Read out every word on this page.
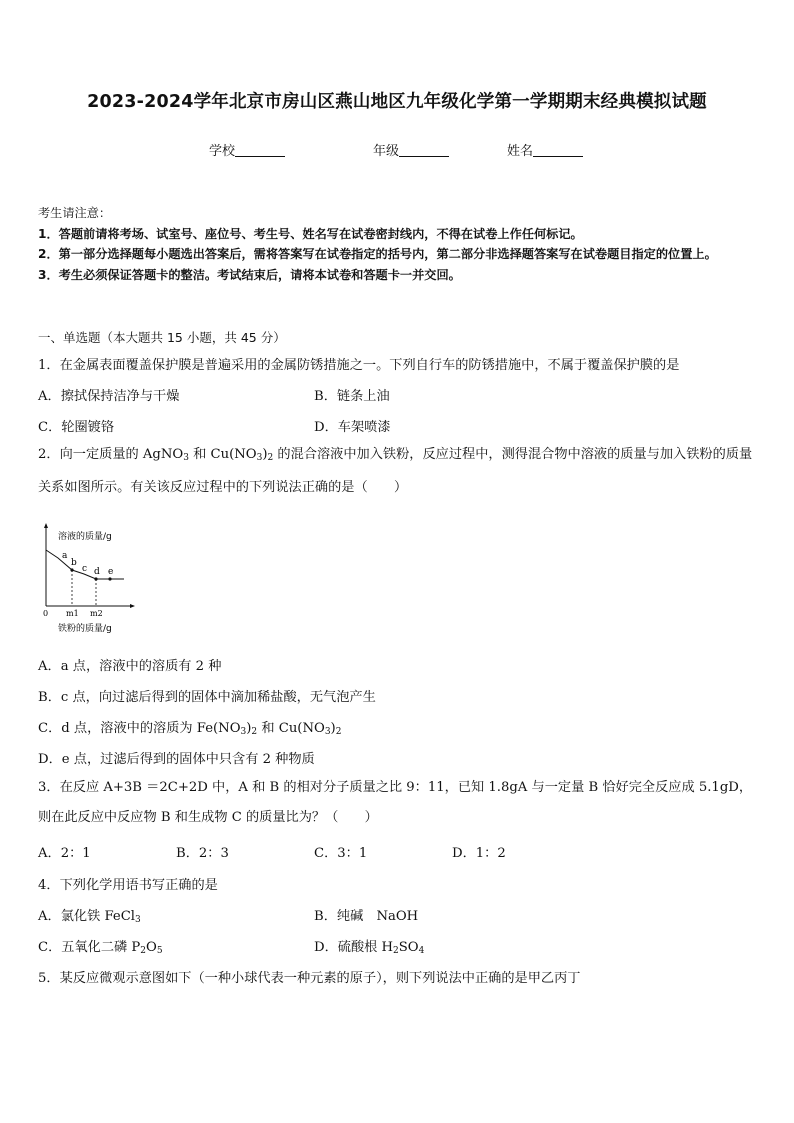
2023-2024学年北京市房山区燕山地区九年级化学第一学期期末经典模拟试题
学校	年级	姓名
考生请注意：
1．答题前请将考场、试室号、座位号、考生号、姓名写在试卷密封线内，不得在试卷上作任何标记。
2．第一部分选择题每小题选出答案后，需将答案写在试卷指定的括号内，第二部分非选择题答案写在试卷题目指定的位置上。
3．考生必须保证答题卡的整洁。考试结束后，请将本试卷和答题卡一并交回。
一、单选题（本大题共 15 小题，共 45 分）
1．在金属表面覆盖保护膜是普遍采用的金属防锈措施之一。下列自行车的防锈措施中，不属于覆盖保护膜的是
A．擦拭保持洁净与干燥	B．链条上油
C．轮圈镀铬	D．车架喷漆
2．向一定质量的 AgNO$_3$ 和 $Cu(NO_3)_2$ 的混合溶液中加入铁粉，反应过程中，测得混合物中溶液的质量与加入铁粉的质量关系如图所示。有关该反应过程中的下列说法正确的是（　　）
溶液的质量/g
a
b
c d e
0 m1 m2
铁粉的质量/g
A．a 点，溶液中的溶质有 2 种
B．c 点，向过滤后得到的固体中滴加稀盐酸，无气泡产生
C．d 点，溶液中的溶质为 $Fe(NO_3)_2$ 和 $Cu(NO_3)_2$
D．e 点，过滤后得到的固体中只含有 2 种物质
3．在反应 A+3B ＝2C+2D 中，A 和 B 的相对分子质量之比 9：11，已知 1.8gA 与一定量 B 恰好完全反应成 5.1gD，则在此反应中反应物 B 和生成物 C 的质量比为？（　　）
A．2：1	B．2：3	C．3：1	D．1：2
4．下列化学用语书写正确的是
A．氯化铁 FeCl$_3$	B．纯碱　NaOH
C．五氧化二磷 $P_2O_5$	D．硫酸根 $H_2SO_4$
5．某反应微观示意图如下（一种小球代表一种元素的原子），则下列说法中正确的是甲乙丙丁
